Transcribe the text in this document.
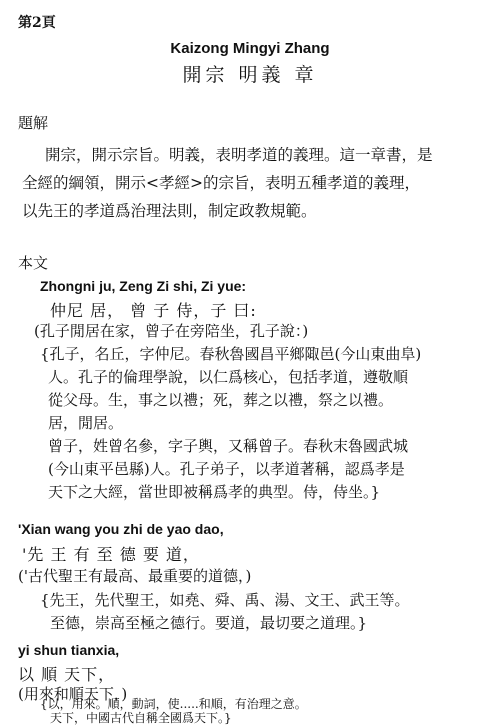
第2頁
Kaizong Mingyi Zhang
開宗 明義 章
題解
開宗，開示宗旨。明義，表明孝道的義理。這一章書，是
全經的綱領，開示<孝經>的宗旨，表明五種孝道的義理，
以先王的孝道爲治理法則，制定政教規範。
本文
Zhongni ju, Zeng Zi shi, Zi yue:
仲尼 居， 曾 子 侍，子 曰:
(孔子閒居在家，曾子在旁陪坐，孔子說：)
{孔子，名丘，字仲尼。春秋魯國昌平鄉陬邑(今山東曲阜)
人。孔子的倫理學說，以仁爲核心，包括孝道，遵敬順
從父母。生，事之以禮；死，葬之以禮，祭之以禮。
居，閒居。
曾子，姓曾名參，字子輿，又稱曾子。春秋末魯國武城
(今山東平邑縣)人。孔子弟子，以孝道著稱，認爲孝是
天下之大經，當世即被稱爲孝的典型。侍，侍坐。}
'Xian wang you zhi de yao dao,
'先 王 有 至 德 要 道，
('古代聖王有最高、最重要的道德，)
{先王，先代聖王，如堯、舜、禹、湯、文王、武王等。
至德，崇高至極之德行。要道，最切要之道理。}
yi shun tianxia,
以 順 天下，
(用來和順天下，)
{以，用來。順，動詞，使.....和順，有治理之意。
天下，中國古代自稱全國爲天下。}
